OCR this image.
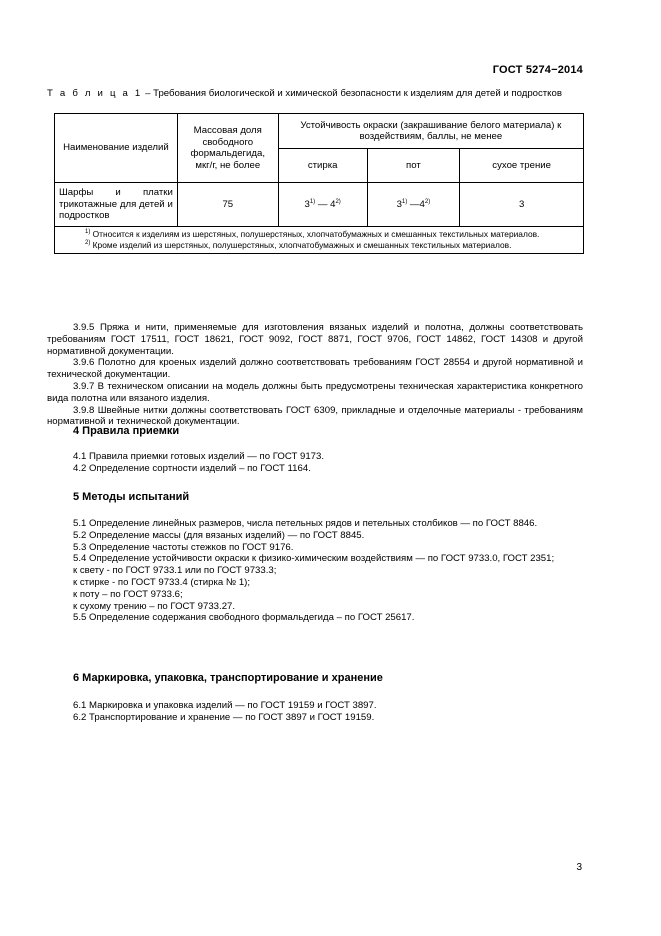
ГОСТ 5274−2014
Т а б л и ц а 1 – Требования биологической и химической безопасности к изделиям для детей и подростков
Наименование изделий	Массовая доля свободного формальдегида, мкг/г, не более	Устойчивость окраски (закрашивание белого материала) к воздействиям, баллы, не менее		
		стирка	пот	сухое трение
Шарфы и платки трикотажные для детей и подростков	75	3$^{1)}$ — 4$^{2)}$	3$^{1)}$ —4$^{2)}$	3

$^{1)}$ Относится к изделиям из шерстяных, полушерстяных, хлопчатобумажных и смешанных текстильных материалов.
$^{2)}$ Кроме изделий из шерстяных, полушерстяных, хлопчатобумажных и смешанных текстильных материалов.				
3.9.5 Пряжа и нити, применяемые для изготовления вязаных изделий и полотна, должны соответствовать требованиям ГОСТ 17511, ГОСТ 18621, ГОСТ 9092, ГОСТ 8871, ГОСТ 9706, ГОСТ 14862, ГОСТ 14308 и другой нормативной документации.
3.9.6 Полотно для кроеных изделий должно соответствовать требованиям ГОСТ 28554 и другой нормативной и технической документации.
3.9.7 В техническом описании на модель должны быть предусмотрены техническая характеристика конкретного вида полотна или вязаного изделия.
3.9.8 Швейные нитки должны соответствовать ГОСТ 6309, прикладные и отделочные материалы - требованиям нормативной и технической документации.
4 Правила приемки
4.1 Правила приемки готовых изделий — по ГОСТ 9173.
4.2 Определение сортности изделий – по ГОСТ 1164.
5 Методы испытаний
5.1 Определение линейных размеров, числа петельных рядов и петельных столбиков — по ГОСТ 8846.
5.2 Определение массы (для вязаных изделий) — по ГОСТ 8845.
5.3 Определение частоты стежков по ГОСТ 9176.
5.4 Определение устойчивости окраски к физико-химическим воздействиям — по ГОСТ 9733.0, ГОСТ 2351;
к свету - по ГОСТ 9733.1 или по ГОСТ 9733.3;
к стирке - по ГОСТ 9733.4 (стирка № 1);
к поту – по ГОСТ 9733.6;
к сухому трению – по ГОСТ 9733.27.
5.5 Определение содержания свободного формальдегида – по ГОСТ 25617.
6 Маркировка, упаковка, транспортирование и хранение
6.1 Маркировка и упаковка изделий — по ГОСТ 19159 и ГОСТ 3897.
6.2 Транспортирование и хранение — по ГОСТ 3897 и ГОСТ 19159.
3
